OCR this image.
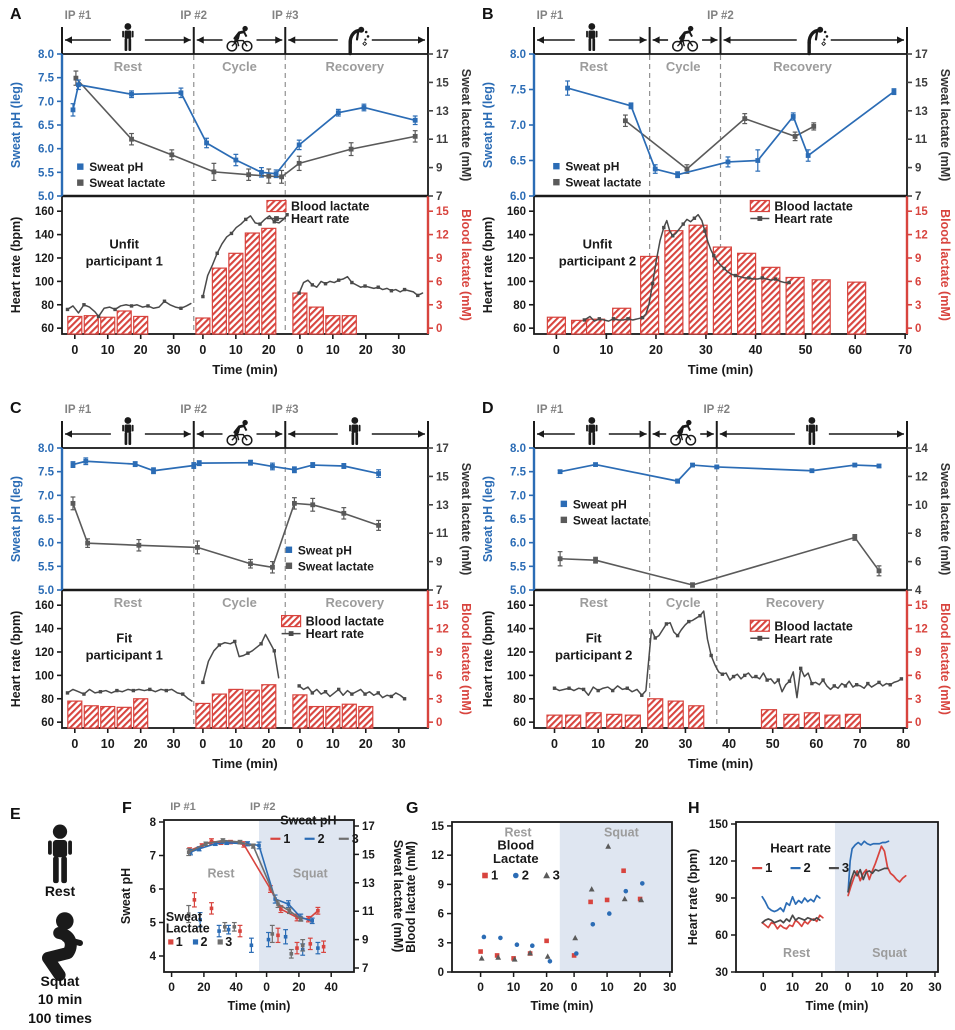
A	IP #1	IP #2	IP #3
8.0
7.5
7.0
6.5
6.0
5.5
5.0
17
15
13
11
9
7
Sweat pH (leg)	Sweat lactate (mM)
Rest	Cycle	Recovery
Sweat pH
Sweat lactate
160
140
120
100
80
60
15
12
9
6
3
0
Heart rate (bpm)	Blood lactate (mM)
0 10 20 30 0 10 20 0 10 20 30
Time (min)
Unfit
participant 1
Blood lactate
Heart rate
B	IP #1	IP #2
8.0
7.5
7.0
6.5
6.0
17
15
13
11
9
7
Sweat pH (leg)	Sweat lactate (mM)
Rest	Cycle	Recovery
Sweat pH
Sweat lactate
160
140
120
100
80
60
15
12
9
6
3
0
Heart rate (bpm)	Blood lactate (mM)
0	10	20	30	40	50	60	70
Time (min)
Unfit
participant 2
Blood lactate
Heart rate
C	IP #1	IP #2	IP #3
8.0
7.5
7.0
6.5
6.0
5.5
5.0
17
15
13
11
9
7
Sweat pH (leg)	Sweat lactate (mM)
Sweat pH
Sweat lactate
160
140
120
100
80
60
15
12
9
6
3
0
Heart rate (bpm)	Blood lactate (mM)
Rest	Cycle	Recovery
0 10 20 30 0 10 20 0 10 20 30
Time (min)
Fit
participant 1
Blood lactate
Heart rate
D	IP #1	IP #2
8.0
7.5
7.0
6.5
6.0
5.5
5.0
14
12
10
8
6
4
Sweat pH (leg)	Sweat lactate (mM)
Sweat pH
Sweat lactate
160
140
120
100
80
60
15
12
9
6
3
0
Heart rate (bpm)	Blood lactate (mM)
Rest	Cycle	Recovery
0	10 20 30 40 50 60 70 80
Time (min)
Fit
participant 2
Blood lactate
Heart rate
E
Rest
Squat
10 min
100 times
F	IP #1	IP #2
8
7
6
5
4
17
15
13
11
9
7
Sweat pH	Sweat lactate (mM)
0 20 40 0 20 40
Time (min)
Rest	Squat
Sweat pH
1 2 3
Sweat
Lactate
1 2 3
G
15
12
9
6
3
0
Blood lactate (mM)
0 10 20 0 10 20 30
Time (min)
Rest	Squat
Blood
Lactate
1 2 3
H
150
120
90
60
30
Heart rate (bpm)
0 10 20 0 10 20 30
Time (min)
Rest	Squat
Heart rate
1 2 3
